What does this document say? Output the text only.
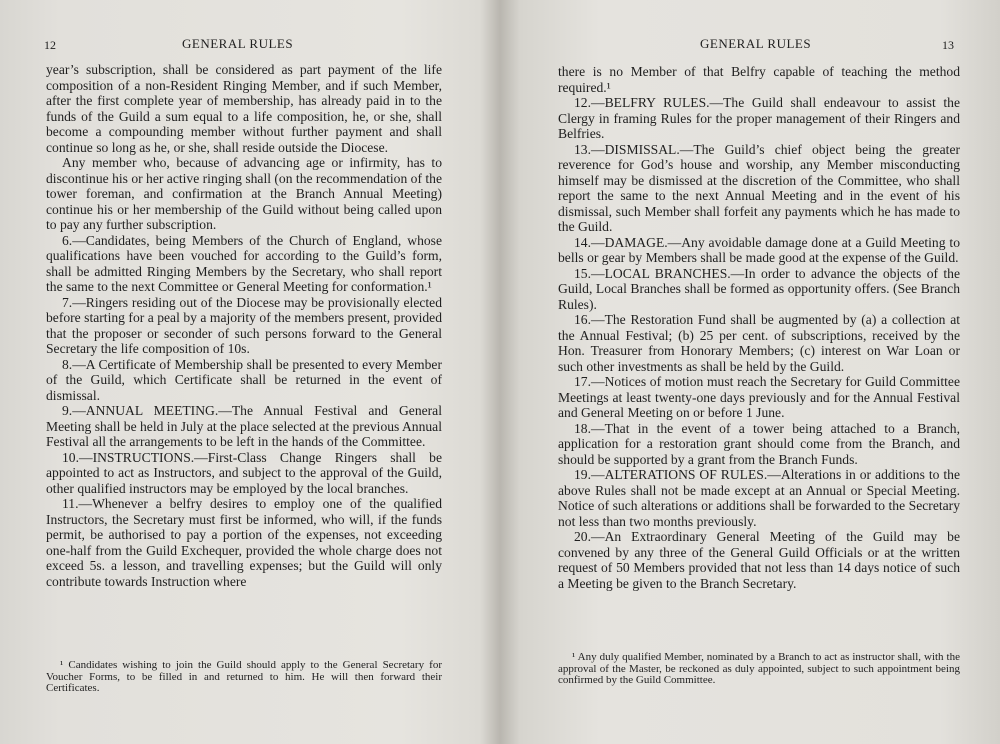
12	GENERAL RULES

year’s subscription, shall be considered as part payment of the life composition of a non-Resident Ringing Member, and if such Member, after the first complete year of membership, has already paid in to the funds of the Guild a sum equal to a life composition, he, or she, shall become a compounding member without further payment and shall continue so long as he, or she, shall reside outside the Diocese.

Any member who, because of advancing age or infirmity, has to discontinue his or her active ringing shall (on the recommendation of the tower foreman, and confirmation at the Branch Annual Meeting) continue his or her membership of the Guild without being called upon to pay any further subscription.

6.—Candidates, being Members of the Church of England, whose qualifications have been vouched for according to the Guild’s form, shall be admitted Ringing Members by the Secretary, who shall report the same to the next Committee or General Meeting for conformation.¹

7.—Ringers residing out of the Diocese may be provisionally elected before starting for a peal by a majority of the members present, provided that the proposer or seconder of such persons forward to the General Secretary the life composition of 10s.

8.—A Certificate of Membership shall be presented to every Member of the Guild, which Certificate shall be returned in the event of dismissal.

9.—ANNUAL MEETING.—The Annual Festival and General Meeting shall be held in July at the place selected at the previous Annual Festival all the arrangements to be left in the hands of the Committee.

10.—INSTRUCTIONS.—First-Class Change Ringers shall be appointed to act as Instructors, and subject to the approval of the Guild, other qualified instructors may be employed by the local branches.

11.—Whenever a belfry desires to employ one of the qualified Instructors, the Secretary must first be informed, who will, if the funds permit, be authorised to pay a portion of the expenses, not exceeding one-half from the Guild Exchequer, provided the whole charge does not exceed 5s. a lesson, and travelling expenses; but the Guild will only contribute towards Instruction where

¹ Candidates wishing to join the Guild should apply to the General Secretary for Voucher Forms, to be filled in and returned to him. He will then forward their Certificates.

GENERAL RULES	13

there is no Member of that Belfry capable of teaching the method required.¹

12.—BELFRY RULES.—The Guild shall endeavour to assist the Clergy in framing Rules for the proper management of their Ringers and Belfries.

13.—DISMISSAL.—The Guild’s chief object being the greater reverence for God’s house and worship, any Member misconducting himself may be dismissed at the discretion of the Committee, who shall report the same to the next Annual Meeting and in the event of his dismissal, such Member shall forfeit any payments which he has made to the Guild.

14.—DAMAGE.—Any avoidable damage done at a Guild Meeting to bells or gear by Members shall be made good at the expense of the Guild.

15.—LOCAL BRANCHES.—In order to advance the objects of the Guild, Local Branches shall be formed as opportunity offers. (See Branch Rules).

16.—The Restoration Fund shall be augmented by (a) a collection at the Annual Festival; (b) 25 per cent. of subscriptions, received by the Hon. Treasurer from Honorary Members; (c) interest on War Loan or such other investments as shall be held by the Guild.

17.—Notices of motion must reach the Secretary for Guild Committee Meetings at least twenty-one days previously and for the Annual Festival and General Meeting on or before 1 June.

18.—That in the event of a tower being attached to a Branch, application for a restoration grant should come from the Branch, and should be supported by a grant from the Branch Funds.

19.—ALTERATIONS OF RULES.—Alterations in or additions to the above Rules shall not be made except at an Annual or Special Meeting. Notice of such alterations or additions shall be forwarded to the Secretary not less than two months previously.

20.—An Extraordinary General Meeting of the Guild may be convened by any three of the General Guild Officials or at the written request of 50 Members provided that not less than 14 days notice of such a Meeting be given to the Branch Secretary.

¹ Any duly qualified Member, nominated by a Branch to act as instructor shall, with the approval of the Master, be reckoned as duly appointed, subject to such appointment being confirmed by the Guild Committee.
